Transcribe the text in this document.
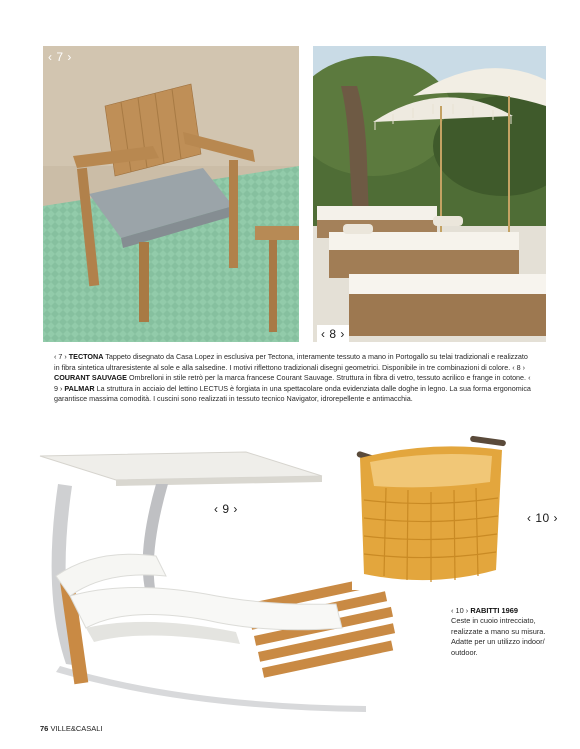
‹ 7 ›
‹ 8 ›
‹ 7 › TECTONA Tappeto disegnato da Casa Lopez in esclusiva per Tectona, interamente tessuto a mano in Portogallo su telai tradizionali e realizzato in fibra sintetica ultraresistente al sole e alla salsedine. I motivi riflettono tradizionali disegni geometrici. Disponibile in tre combinazioni di colore. ‹ 8 › COURANT SAUVAGE Ombrelloni in stile retrò per la marca francese Courant Sauvage. Struttura in fibra di vetro, tessuto acrilico e frange in cotone. ‹ 9 › PALMAR La struttura in acciaio del lettino LECTUS è forgiata in una spettacolare onda evidenziata dalle doghe in legno. La sua forma ergonomica garantisce massima comodità. I cuscini sono realizzati in tessuto tecnico Navigator, idrorepellente e antimacchia.
‹ 9 ›
‹ 10 ›
‹ 10 › RABITTI 1969
Ceste in cuoio intrecciato, realizzate a mano su misura. Adatte per un utilizzo indoor/ outdoor.
76 VILLE&CASALI
